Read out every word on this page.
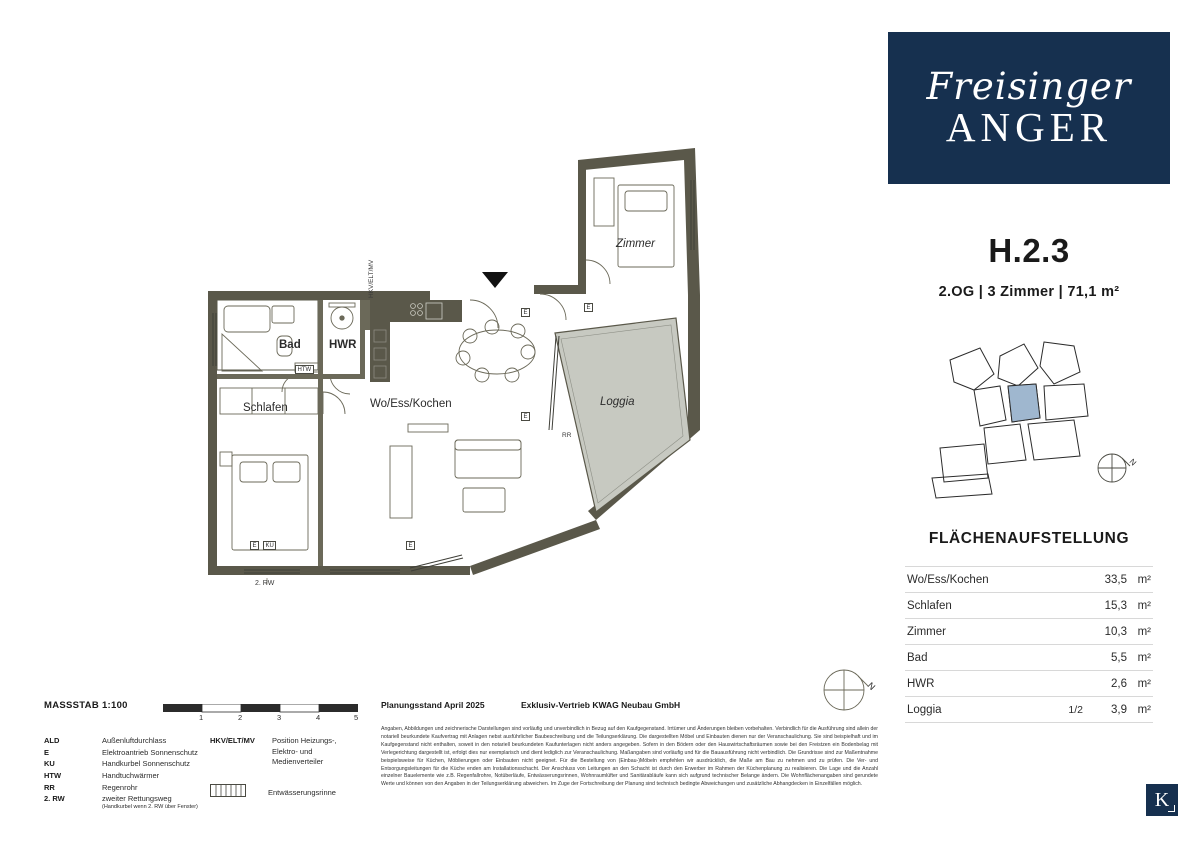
Zimmer
Bad HWR
HTW
Schlafen	Wo/Ess/Kochen	Loggia
HKV/ELT/MV
E	KU	E
2. RW
E
E
E
RR
N
MASSSTAB 1:100
1	2	3	4	5
ALD	Außenluftdurchlass
E	Elektroantrieb Sonnenschutz
KU	Handkurbel Sonnenschutz
HTW	Handtuchwärmer
RR	Regenrohr
2. RW	zweiter Rettungsweg
(Handkurbel wenn 2. RW über Fenster)
HKV/ELT/MV	Position Heizungs-, Elektro- und Medienverteiler
Entwässerungsrinne
Planungsstand April 2025	Exklusiv-Vertrieb KWAG Neubau GmbH
Angaben, Abbildungen und zeichnerische Darstellungen sind vorläufig und unverbindlich in Bezug auf den Kaufgegenstand. Irrtümer und Änderungen bleiben vorbehalten. Verbindlich für die Ausführung sind allein der notariell beurkundete Kaufvertrag mit Anlagen nebst ausführlicher Baubeschreibung und die Teilungserklärung. Die dargestellten Möbel und Einbauten dienen nur der Veranschaulichung. Sie sind beispielhaft und im Kaufgegenstand nicht enthalten, soweit in den notariell beurkundeten Kaufunterlagen nicht anders angegeben. Sofern in den Bödern oder den Hauswirtschaftsräumen sowie bei den Freistzen ein Bodenbelag mit Verlegerichtung dargestellt ist, erfolgt dies nur exemplarisch und dient lediglich zur Veranschaulichung. Maßangaben sind vorläufig und für die Bauausführung nicht verbindlich. Die Grundrisse sind zur Maßentnahme beispielsweise für Küchen, Möblierungen oder Einbauten nicht geeignet. Für die Bestellung von (Einbau-)Möbeln empfehlen wir ausdrücklich, die Maße am Bau zu nehmen und zu prüfen. Die Ver- und Entsorgungsleitungen für die Küche enden am Installationsschacht. Der Anschluss von Leitungen an den Schacht ist durch den Erwerber im Rahmen der Küchenplanung zu realisieren. Die Lage und die Anzahl einzelner Bauelemente wie z.B. Regenfallrohre, Notüberläufe, Entwässerungsrinnen, Wohnraumlüfter und Sanitärabläufe kann sich aufgrund technischer Belange ändern. Die Wohnflächenangaben sind gerundete Werte und können von den Angaben in der Teilungserklärung abweichen. Im Zuge der Fortschreibung der Planung sind technisch bedingte Abweichungen und zusätzliche Abhangdecken in Einzelfällen möglich.
Freisinger
ANGER
H.2.3
2.OG | 3 Zimmer | 71,1 m²
N
FLÄCHENAUFSTELLUNG
Wo/Ess/Kochen		33,5	m²
Schlafen		15,3	m²
Zimmer		10,3	m²
Bad		5,5	m²
HWR		2,6	m²
Loggia	1/2	3,9	m²
K
